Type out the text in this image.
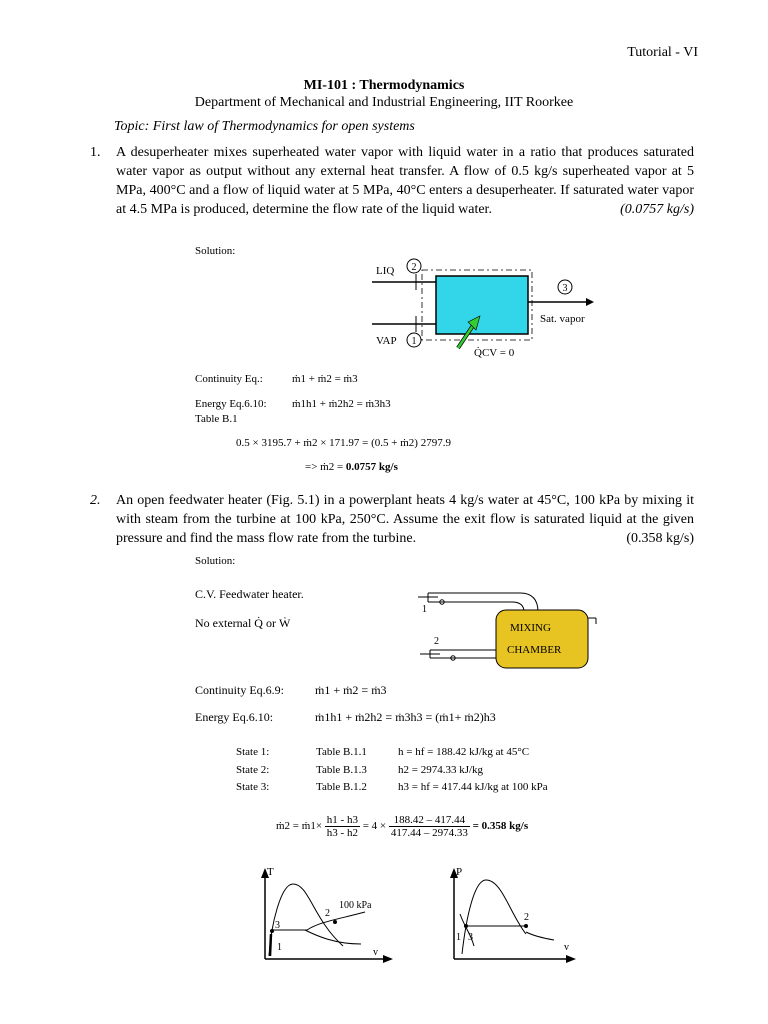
Tutorial - VI
MI-101 : Thermodynamics
Department of Mechanical and Industrial Engineering, IIT Roorkee
Topic: First law of Thermodynamics for open systems
1. A desuperheater mixes superheated water vapor with liquid water in a ratio that produces saturated water vapor as output without any external heat transfer. A flow of 0.5 kg/s superheated vapor at 5 MPa, 400°C and a flow of liquid water at 5 MPa, 40°C enters a desuperheater. If saturated water vapor at 4.5 MPa is produced, determine the flow rate of the liquid water.	(0.0757 kg/s)
Solution:
2
1
3
LIQ
VAP
Sat. vapor
Q̇CV = 0
Continuity Eq.:	ṁ1 + ṁ2 = ṁ3
Energy Eq.6.10: ṁ1h1 + ṁ2h2 = ṁ3h3
Table B.1
0.5 × 3195.7 + ṁ2 × 171.97 = (0.5 + ṁ2) 2797.9
=> ṁ2 = 0.0757 kg/s
2. An open feedwater heater (Fig. 5.1) in a powerplant heats 4 kg/s water at 45°C, 100 kPa by mixing it with steam from the turbine at 100 kPa, 250°C. Assume the exit flow is saturated liquid at the given pressure and find the mass flow rate from the turbine.	(0.358 kg/s)
Solution:
C.V. Feedwater heater.
No external Q̇ or Ẇ
1
2
MIXING
CHAMBER
Continuity Eq.6.9:	ṁ1 + ṁ2 = ṁ3
Energy Eq.6.10:	ṁ1h1 + ṁ2h2 = ṁ3h3 = (ṁ1+ ṁ2)h3
State 1:	Table B.1.1	h = hf = 188.42 kJ/kg at 45°C
State 2:	Table B.1.3	h2 = 2974.33 kJ/kg
State 3:	Table B.1.2	h3 = hf = 417.44 kJ/kg at 100 kPa
ṁ2 = ṁ1× $\frac{h1 - h3}{h3 - h2} = 4 \times \frac{188.42 - 417.44}{417.44 - 2974.33} = 0.358$ kg/s
T
v
1
3
2
100 kPa
P
v
1 3
2
